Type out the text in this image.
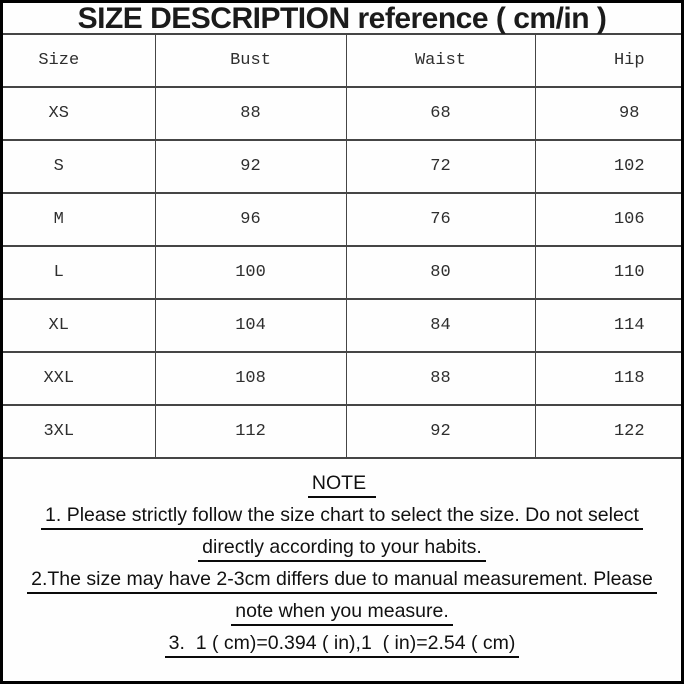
SIZE DESCRIPTION reference ( cm/in )
Size	Bust	Waist	Hip
XS	88	68	98
S	92	72	102
M	96	76	106
L	100	80	110
XL	104	84	114
XXL	108	88	118
3XL	112	92	122
NOTE
1. Please strictly follow the size chart to select the size. Do not select
directly according to your habits.
2.The size may have 2-3cm differs due to manual measurement. Please
note when you measure.
3.  1 ( cm)=0.394 ( in),1  ( in)=2.54 ( cm)
